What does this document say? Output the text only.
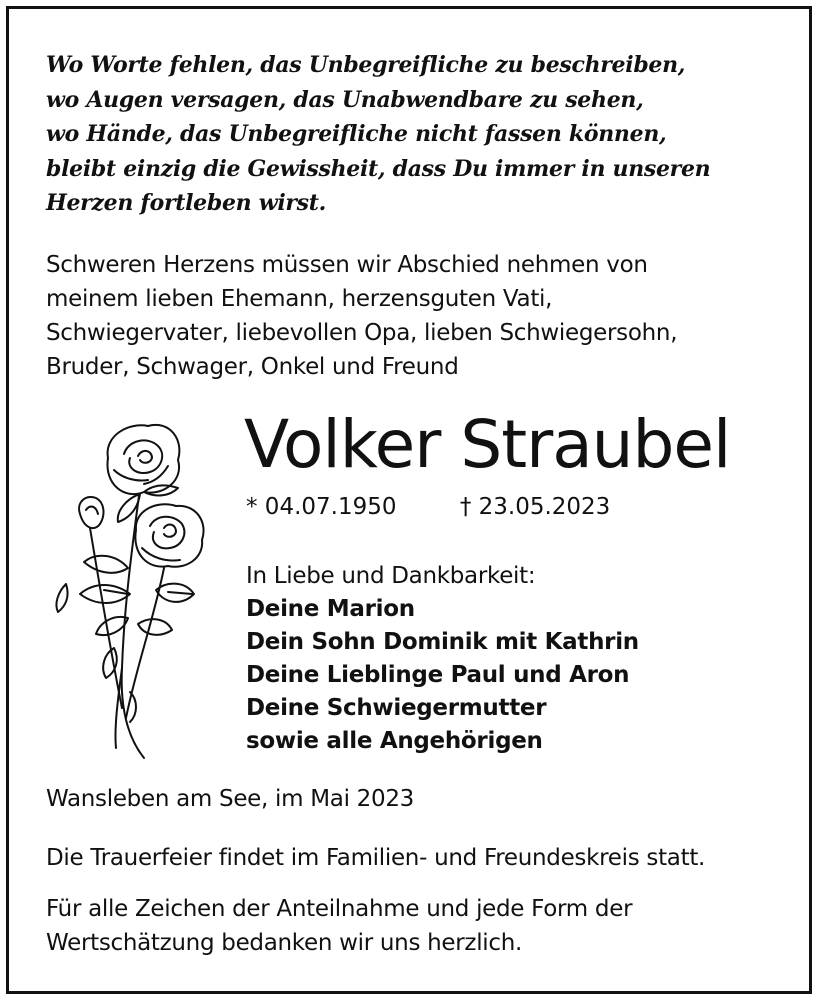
Wo Worte fehlen, das Unbegreifliche zu beschreiben,
wo Augen versagen, das Unabwendbare zu sehen,
wo Hände, das Unbegreifliche nicht fassen können,
bleibt einzig die Gewissheit, dass Du immer in unseren
Herzen fortleben wirst.
Schweren Herzens müssen wir Abschied nehmen von
meinem lieben Ehemann, herzensguten Vati,
Schwiegervater, liebevollen Opa, lieben Schwiegersohn,
Bruder, Schwager, Onkel und Freund
Volker Straubel
* 04.07.1950	† 23.05.2023
In Liebe und Dankbarkeit:
Deine Marion
Dein Sohn Dominik mit Kathrin
Deine Lieblinge Paul und Aron
Deine Schwiegermutter
sowie alle Angehörigen
Wansleben am See, im Mai 2023
Die Trauerfeier findet im Familien- und Freundeskreis statt.
Für alle Zeichen der Anteilnahme und jede Form der
Wertschätzung bedanken wir uns herzlich.
